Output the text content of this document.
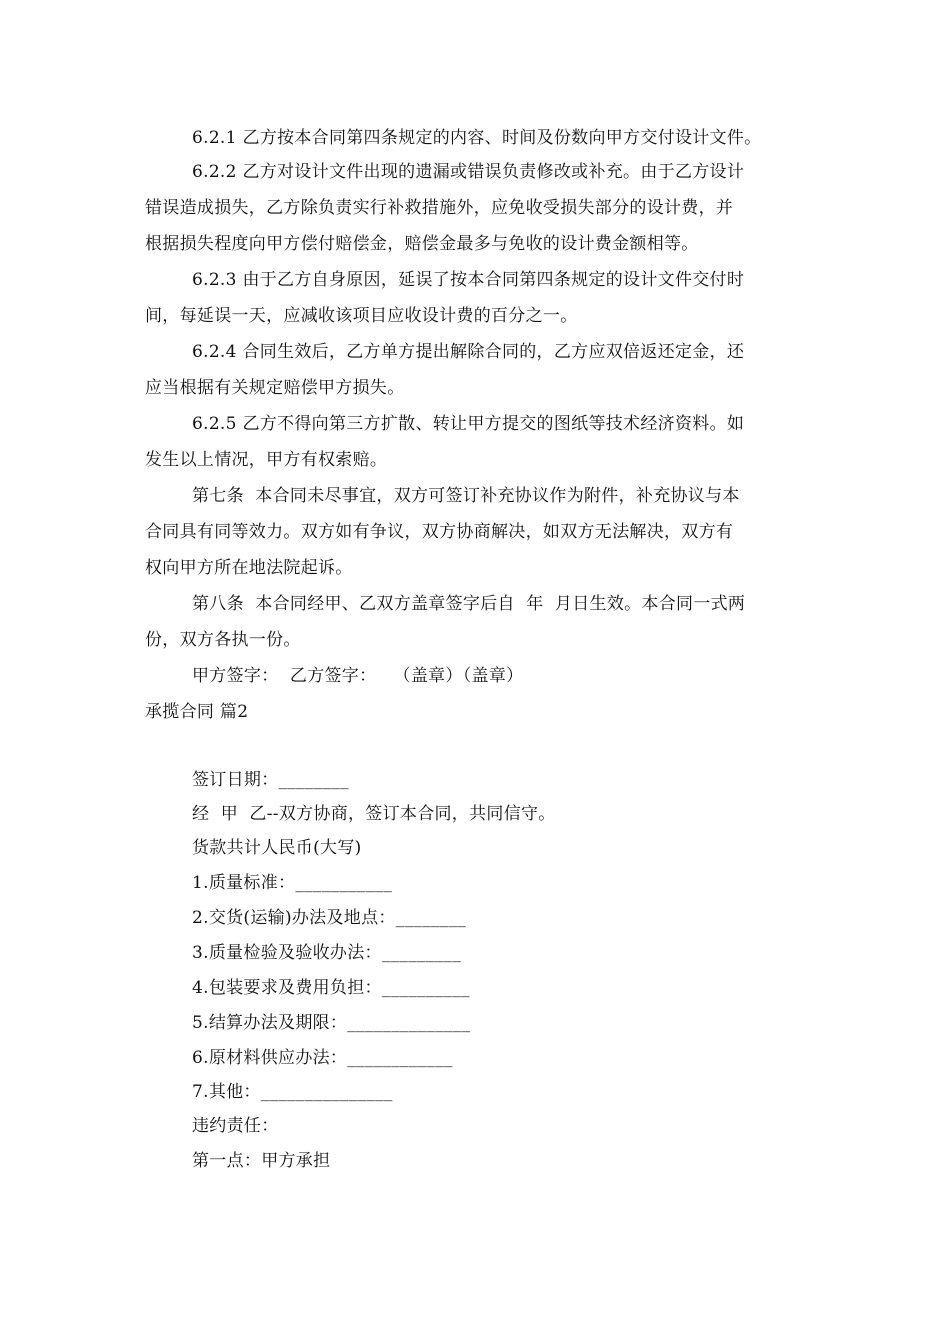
6.2.1 乙方按本合同第四条规定的内容、时间及份数向甲方交付设计文件。
6.2.2 乙方对设计文件出现的遗漏或错误负责修改或补充。由于乙方设计
错误造成损失，乙方除负责实行补救措施外，应免收受损失部分的设计费，并
根据损失程度向甲方偿付赔偿金，赔偿金最多与免收的设计费金额相等。
6.2.3 由于乙方自身原因，延误了按本合同第四条规定的设计文件交付时
间，每延误一天，应减收该项目应收设计费的百分之一。
6.2.4 合同生效后，乙方单方提出解除合同的，乙方应双倍返还定金，还
应当根据有关规定赔偿甲方损失。
6.2.5 乙方不得向第三方扩散、转让甲方提交的图纸等技术经济资料。如
发生以上情况，甲方有权索赔。
第七条  本合同未尽事宜，双方可签订补充协议作为附件，补充协议与本
合同具有同等效力。双方如有争议，双方协商解决，如双方无法解决，双方有
权向甲方所在地法院起诉。
第八条  本合同经甲、乙双方盖章签字后自  年  月日生效。本合同一式两
份，双方各执一份。
甲方签字：  乙方签字：   （盖章）（盖章）
承揽合同 篇2
签订日期：________
经  甲  乙--双方协商，签订本合同，共同信守。
货款共计人民币(大写)
1.质量标准：___________
2.交货(运输)办法及地点：________
3.质量检验及验收办法：_________
4.包装要求及费用负担：__________
5.结算办法及期限：______________
6.原材料供应办法：____________
7.其他：_______________
违约责任：
第一点：甲方承担
